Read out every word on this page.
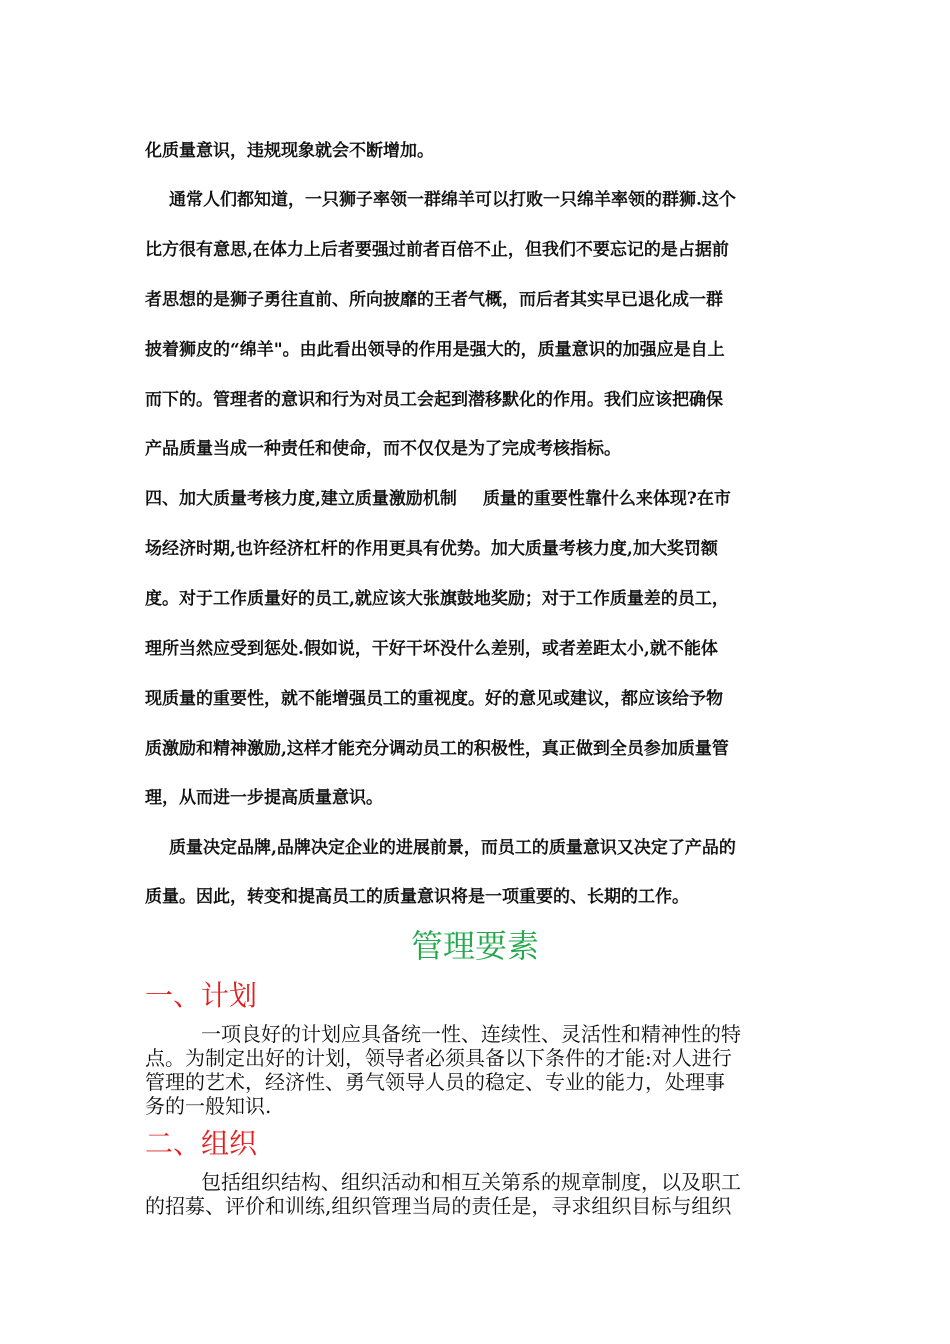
化质量意识，违规现象就会不断增加。
通常人们都知道，一只狮子率领一群绵羊可以打败一只绵羊率领的群狮.这个
比方很有意思,在体力上后者要强过前者百倍不止，但我们不要忘记的是占据前
者思想的是狮子勇往直前、所向披靡的王者气概，而后者其实早已退化成一群
披着狮皮的“绵羊"。由此看出领导的作用是强大的，质量意识的加强应是自上
而下的。管理者的意识和行为对员工会起到潜移默化的作用。我们应该把确保
产品质量当成一种责任和使命，而不仅仅是为了完成考核指标。
四、加大质量考核力度,建立质量激励机制 质量的重要性靠什么来体现?在市
场经济时期,也许经济杠杆的作用更具有优势。加大质量考核力度,加大奖罚额
度。对于工作质量好的员工,就应该大张旗鼓地奖励；对于工作质量差的员工，
理所当然应受到惩处.假如说，干好干坏没什么差别，或者差距太小,就不能体
现质量的重要性，就不能增强员工的重视度。好的意见或建议，都应该给予物
质激励和精神激励,这样才能充分调动员工的积极性，真正做到全员参加质量管
理，从而进一步提高质量意识。
质量决定品牌,品牌决定企业的进展前景，而员工的质量意识又决定了产品的
质量。因此，转变和提高员工的质量意识将是一项重要的、长期的工作。
管理要素
一、计划
一项良好的计划应具备统一性、连续性、灵活性和精神性的特
点。为制定出好的计划，领导者必须具备以下条件的才能:对人进行
管理的艺术，经济性、勇气领导人员的稳定、专业的能力，处理事
务的一般知识.
二、组织
包括组织结构、组织活动和相互关第系的规章制度，以及职工
的招募、评价和训练,组织管理当局的责任是，寻求组织目标与组织
